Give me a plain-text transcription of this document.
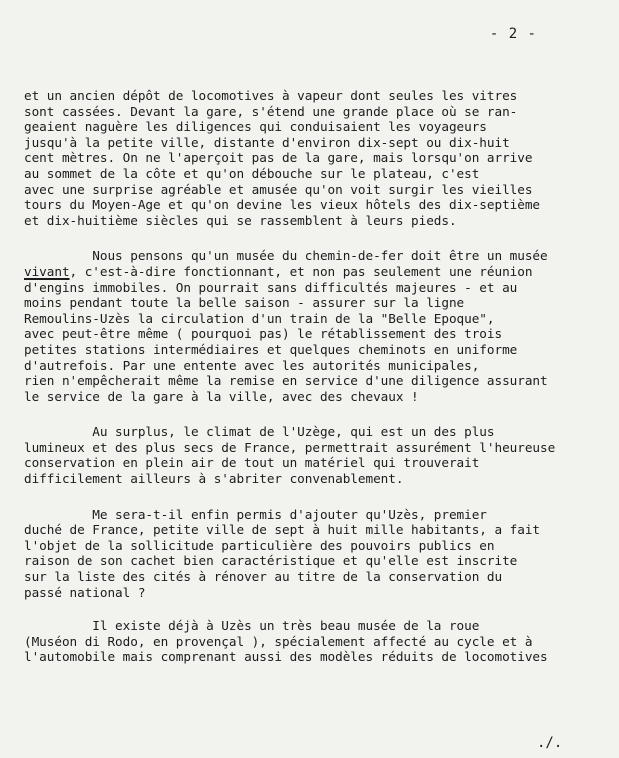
- 2 -
et un ancien dépôt de locomotives à vapeur dont seules les vitres
sont cassées. Devant la gare, s'étend une grande place où se ran-
geaient naguère les diligences qui conduisaient les voyageurs
jusqu'à la petite ville, distante d'environ dix-sept ou dix-huit
cent mètres. On ne l'aperçoit pas de la gare, mais lorsqu'on arrive
au sommet de la côte et qu'on débouche sur le plateau, c'est
avec une surprise agréable et amusée qu'on voit surgir les vieilles
tours du Moyen-Age et qu'on devine les vieux hôtels des dix-septième
et dix-huitième siècles qui se rassemblent à leurs pieds.
Nous pensons qu'un musée du chemin-de-fer doit être un musée
vivant, c'est-à-dire fonctionnant, et non pas seulement une réunion
d'engins immobiles. On pourrait sans difficultés majeures - et au
moins pendant toute la belle saison - assurer sur la ligne
Remoulins-Uzès la circulation d'un train de la "Belle Epoque",
avec peut-être même ( pourquoi pas) le rétablissement des trois
petites stations intermédiaires et quelques cheminots en uniforme
d'autrefois. Par une entente avec les autorités municipales,
rien n'empêcherait même la remise en service d'une diligence assurant
le service de la gare à la ville, avec des chevaux !
Au surplus, le climat de l'Uzège, qui est un des plus
lumineux et des plus secs de France, permettrait assurément l'heureuse
conservation en plein air de tout un matériel qui trouverait
difficilement ailleurs à s'abriter convenablement.
Me sera-t-il enfin permis d'ajouter qu'Uzès, premier
duché de France, petite ville de sept à huit mille habitants, a fait
l'objet de la sollicitude particulière des pouvoirs publics en
raison de son cachet bien caractéristique et qu'elle est inscrite
sur la liste des cités à rénover au titre de la conservation du
passé national ?
Il existe déjà à Uzès un très beau musée de la roue
(Muséon di Rodo, en provençal ), spécialement affecté au cycle et à
l'automobile mais comprenant aussi des modèles réduits de locomotives
./.
